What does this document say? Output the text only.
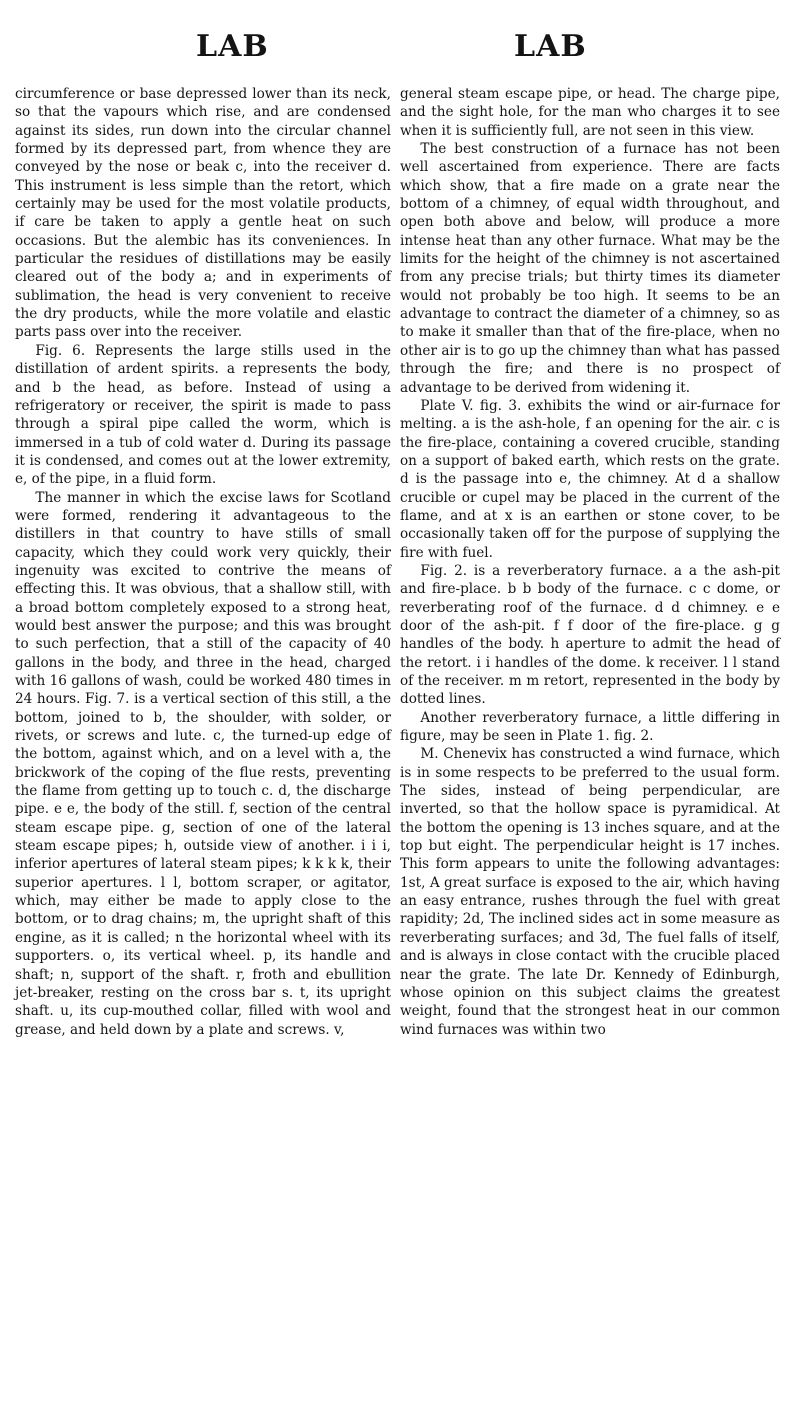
LAB	LAB

circumference or base depressed lower than its neck, so that the vapours which rise, and are condensed against its sides, run down into the circular channel formed by its depressed part, from whence they are conveyed by the nose or beak c, into the receiver d. This instrument is less simple than the retort, which certainly may be used for the most volatile products, if care be taken to apply a gentle heat on such occasions. But the alembic has its conveniences. In particular the residues of distillations may be easily cleared out of the body a; and in experiments of sublimation, the head is very convenient to receive the dry products, while the more volatile and elastic parts pass over into the receiver.

Fig. 6. Represents the large stills used in the distillation of ardent spirits. a represents the body, and b the head, as before. Instead of using a refrigeratory or receiver, the spirit is made to pass through a spiral pipe called the worm, which is immersed in a tub of cold water d. During its passage it is condensed, and comes out at the lower extremity, e, of the pipe, in a fluid form.

The manner in which the excise laws for Scotland were formed, rendering it advantageous to the distillers in that country to have stills of small capacity, which they could work very quickly, their ingenuity was excited to contrive the means of effecting this. It was obvious, that a shallow still, with a broad bottom completely exposed to a strong heat, would best answer the purpose; and this was brought to such perfection, that a still of the capacity of 40 gallons in the body, and three in the head, charged with 16 gallons of wash, could be worked 480 times in 24 hours. Fig. 7. is a vertical section of this still, a the bottom, joined to b, the shoulder, with solder, or rivets, or screws and lute. c, the turned-up edge of the bottom, against which, and on a level with a, the brickwork of the coping of the flue rests, preventing the flame from getting up to touch c. d, the discharge pipe. e e, the body of the still. f, section of the central steam escape pipe. g, section of one of the lateral steam escape pipes; h, outside view of another. i i i, inferior apertures of lateral steam pipes; k k k k, their superior apertures. l l, bottom scraper, or agitator, which, may either be made to apply close to the bottom, or to drag chains; m, the upright shaft of this engine, as it is called; n the horizontal wheel with its supporters. o, its vertical wheel. p, its handle and shaft; n, support of the shaft. r, froth and ebullition jet-breaker, resting on the cross bar s. t, its upright shaft. u, its cup-mouthed collar, filled with wool and grease, and held down by a plate and screws. v,

general steam escape pipe, or head. The charge pipe, and the sight hole, for the man who charges it to see when it is sufficiently full, are not seen in this view.

The best construction of a furnace has not been well ascertained from experience. There are facts which show, that a fire made on a grate near the bottom of a chimney, of equal width throughout, and open both above and below, will produce a more intense heat than any other furnace. What may be the limits for the height of the chimney is not ascertained from any precise trials; but thirty times its diameter would not probably be too high. It seems to be an advantage to contract the diameter of a chimney, so as to make it smaller than that of the fire-place, when no other air is to go up the chimney than what has passed through the fire; and there is no prospect of advantage to be derived from widening it.

Plate V. fig. 3. exhibits the wind or air-furnace for melting. a is the ash-hole, f an opening for the air. c is the fire-place, containing a covered crucible, standing on a support of baked earth, which rests on the grate. d is the passage into e, the chimney. At d a shallow crucible or cupel may be placed in the current of the flame, and at x is an earthen or stone cover, to be occasionally taken off for the purpose of supplying the fire with fuel.

Fig. 2. is a reverberatory furnace. a a the ash-pit and fire-place. b b body of the furnace. c c dome, or reverberating roof of the furnace. d d chimney. e e door of the ash-pit. f f door of the fire-place. g g handles of the body. h aperture to admit the head of the retort. i i handles of the dome. k receiver. l l stand of the receiver. m m retort, represented in the body by dotted lines.

Another reverberatory furnace, a little differing in figure, may be seen in Plate 1. fig. 2.

M. Chenevix has constructed a wind furnace, which is in some respects to be preferred to the usual form. The sides, instead of being perpendicular, are inverted, so that the hollow space is pyramidical. At the bottom the opening is 13 inches square, and at the top but eight. The perpendicular height is 17 inches. This form appears to unite the following advantages: 1st, A great surface is exposed to the air, which having an easy entrance, rushes through the fuel with great rapidity; 2d, The inclined sides act in some measure as reverberating surfaces; and 3d, The fuel falls of itself, and is always in close contact with the crucible placed near the grate. The late Dr. Kennedy of Edinburgh, whose opinion on this subject claims the greatest weight, found that the strongest heat in our common wind furnaces was within two
